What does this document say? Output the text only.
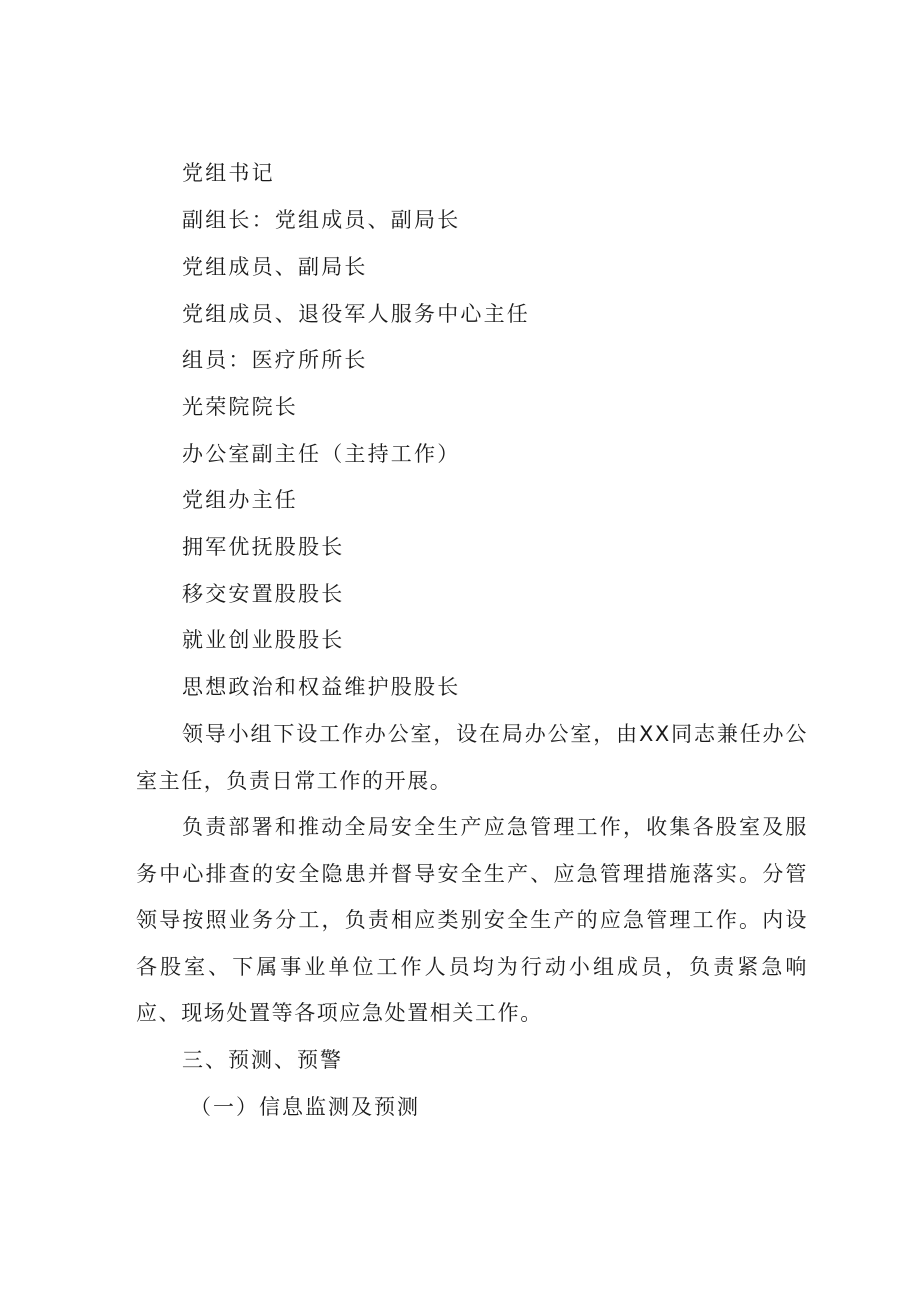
党组书记
副组长：党组成员、副局长
党组成员、副局长
党组成员、退役军人服务中心主任
组员：医疗所所长
光荣院院长
办公室副主任（主持工作）
党组办主任
拥军优抚股股长
移交安置股股长
就业创业股股长
思想政治和权益维护股股长
领导小组下设工作办公室，设在局办公室，由XX同志兼任办公室主任，负责日常工作的开展。
负责部署和推动全局安全生产应急管理工作，收集各股室及服务中心排查的安全隐患并督导安全生产、应急管理措施落实。分管领导按照业务分工，负责相应类别安全生产的应急管理工作。内设各股室、下属事业单位工作人员均为行动小组成员，负责紧急响应、现场处置等各项应急处置相关工作。
三、预测、预警
（一）信息监测及预测
